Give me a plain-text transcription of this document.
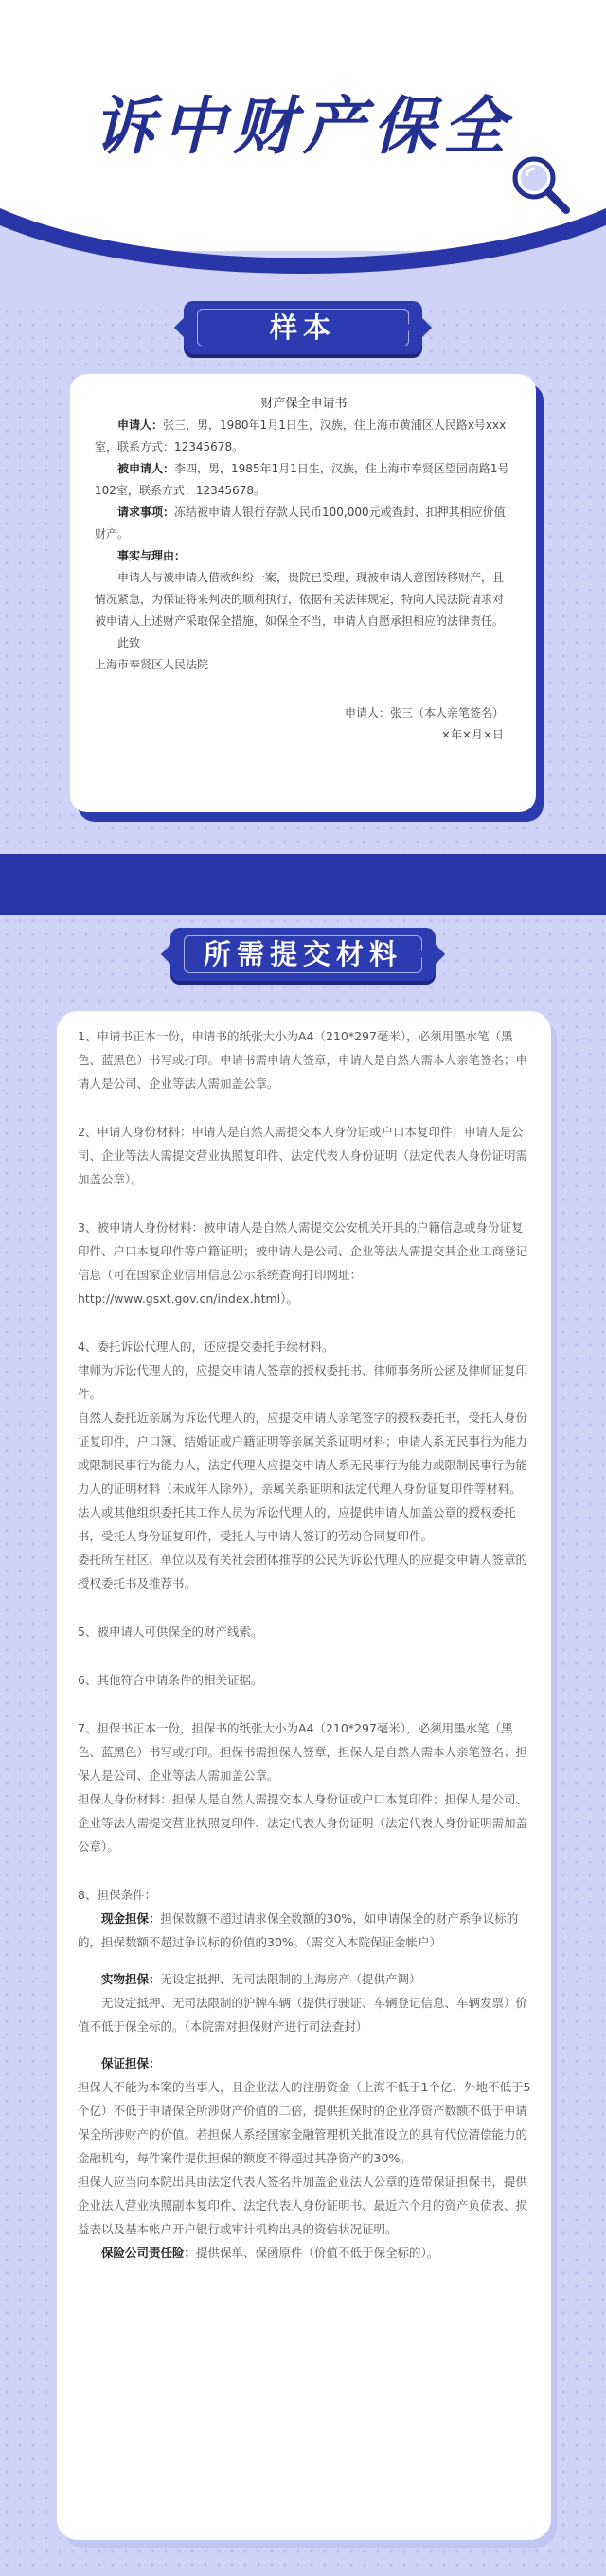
诉中财产保全
样本

财产保全申请书

申请人：张三，男，1980年1月1日生，汉族，住上海市黄浦区人民路x号xxx室，联系方式：12345678。

被申请人：李四，男，1985年1月1日生，汉族，住上海市奉贤区望园南路1号102室，联系方式：12345678。

请求事项：冻结被申请人银行存款人民币100,000元或查封、扣押其相应价值财产。

事实与理由：

申请人与被申请人借款纠纷一案，贵院已受理，现被申请人意图转移财产，且情况紧急，为保证将来判决的顺利执行，依据有关法律规定，特向人民法院请求对被申请人上述财产采取保全措施，如保全不当，申请人自愿承担相应的法律责任。

此致

上海市奉贤区人民法院

申请人：张三（本人亲笔签名）

×年×月×日

所需提交材料

1、申请书正本一份，申请书的纸张大小为A4（210*297毫米），必须用墨水笔（黑色、蓝黑色）书写或打印。申请书需申请人签章，申请人是自然人需本人亲笔签名；申请人是公司、企业等法人需加盖公章。

2、申请人身份材料：申请人是自然人需提交本人身份证或户口本复印件；申请人是公司、企业等法人需提交营业执照复印件、法定代表人身份证明（法定代表人身份证明需加盖公章）。

3、被申请人身份材料：被申请人是自然人需提交公安机关开具的户籍信息或身份证复印件、户口本复印件等户籍证明；被申请人是公司、企业等法人需提交其企业工商登记信息（可在国家企业信用信息公示系统查询打印网址：http://www.gsxt.gov.cn/index.html）。

4、委托诉讼代理人的，还应提交委托手续材料。

律师为诉讼代理人的，应提交申请人签章的授权委托书、律师事务所公函及律师证复印件。

自然人委托近亲属为诉讼代理人的，应提交申请人亲笔签字的授权委托书，受托人身份证复印件，户口簿、结婚证或户籍证明等亲属关系证明材料；申请人系无民事行为能力或限制民事行为能力人，法定代理人应提交申请人系无民事行为能力或限制民事行为能力人的证明材料（未成年人除外），亲属关系证明和法定代理人身份证复印件等材料。

法人或其他组织委托其工作人员为诉讼代理人的，应提供申请人加盖公章的授权委托书，受托人身份证复印件，受托人与申请人签订的劳动合同复印件。

委托所在社区、单位以及有关社会团体推荐的公民为诉讼代理人的应提交申请人签章的授权委托书及推荐书。

5、被申请人可供保全的财产线索。

6、其他符合申请条件的相关证据。

7、担保书正本一份，担保书的纸张大小为A4（210*297毫米），必须用墨水笔（黑色、蓝黑色）书写或打印。担保书需担保人签章，担保人是自然人需本人亲笔签名；担保人是公司、企业等法人需加盖公章。

担保人身份材料：担保人是自然人需提交本人身份证或户口本复印件；担保人是公司、企业等法人需提交营业执照复印件、法定代表人身份证明（法定代表人身份证明需加盖公章）。

8、担保条件：

现金担保：担保数额不超过请求保全数额的30%，如申请保全的财产系争议标的的，担保数额不超过争议标的价值的30%。（需交入本院保证金帐户）

实物担保：无设定抵押、无司法限制的上海房产（提供产调）

无设定抵押、无司法限制的沪牌车辆（提供行驶证、车辆登记信息、车辆发票）价值不低于保全标的。（本院需对担保财产进行司法查封）

保证担保：

担保人不能为本案的当事人，且企业法人的注册资金（上海不低于1个亿、外地不低于5个亿）不低于申请保全所涉财产价值的二倍，提供担保时的企业净资产数额不低于申请保全所涉财产的价值。若担保人系经国家金融管理机关批准设立的具有代位清偿能力的金融机构，每件案件提供担保的额度不得超过其净资产的30%。

担保人应当向本院出具由法定代表人签名并加盖企业法人公章的连带保证担保书，提供企业法人营业执照副本复印件、法定代表人身份证明书、最近六个月的资产负债表、损益表以及基本帐户开户银行或审计机构出具的资信状况证明。

保险公司责任险：提供保单、保函原件（价值不低于保全标的）。
